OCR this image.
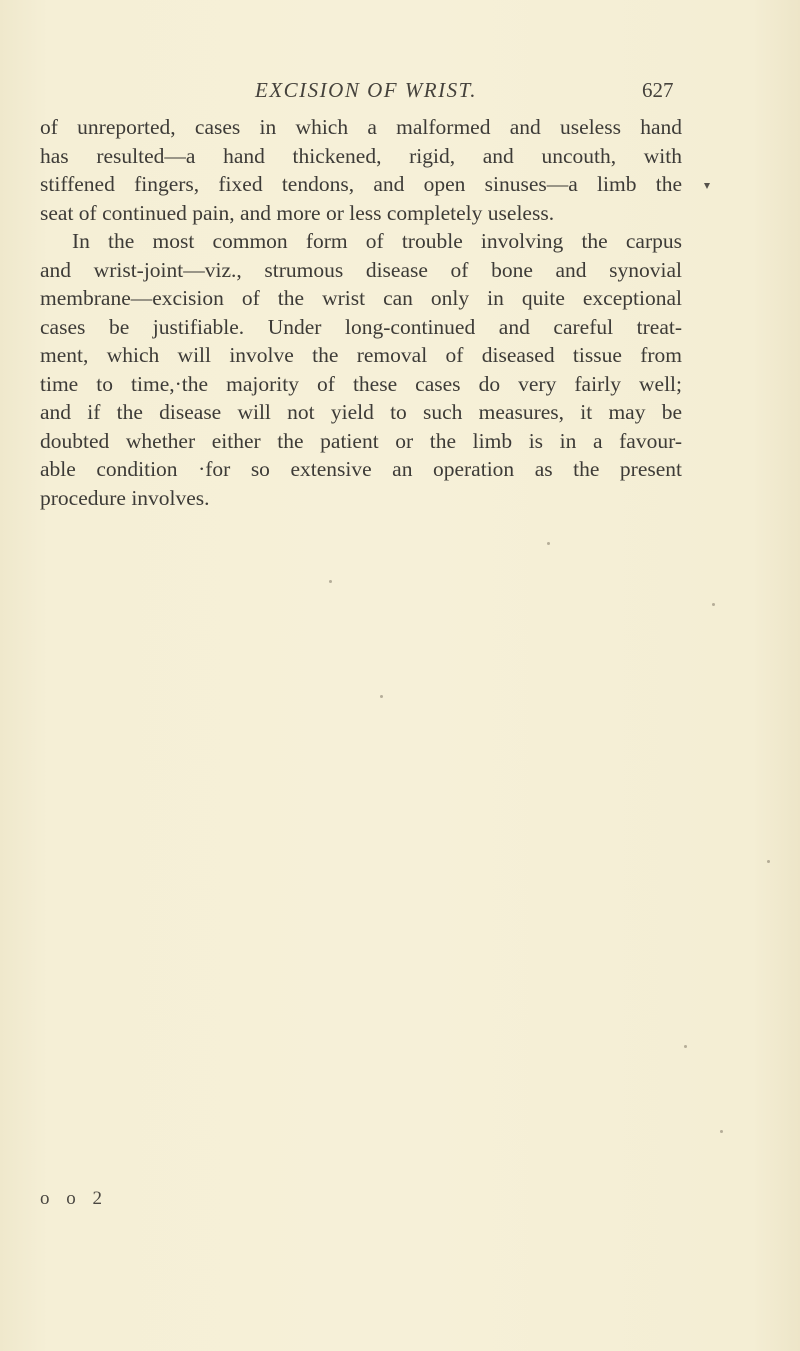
EXCISION OF WRIST.	627

of unreported, cases in which a malformed and useless hand
has resulted—a hand thickened, rigid, and uncouth, with
stiffened fingers, fixed tendons, and open sinuses—a limb the
seat of continued pain, and more or less completely useless.

In the most common form of trouble involving the carpus
and wrist-joint—viz., strumous disease of bone and synovial
membrane—excision of the wrist can only in quite exceptional
cases be justifiable. Under long-continued and careful treat-
ment, which will involve the removal of diseased tissue from
time to time,·the majority of these cases do very fairly well;
and if the disease will not yield to such measures, it may be
doubted whether either the patient or the limb is in a favour-
able condition ·for so extensive an operation as the present
procedure involves.

o o 2
